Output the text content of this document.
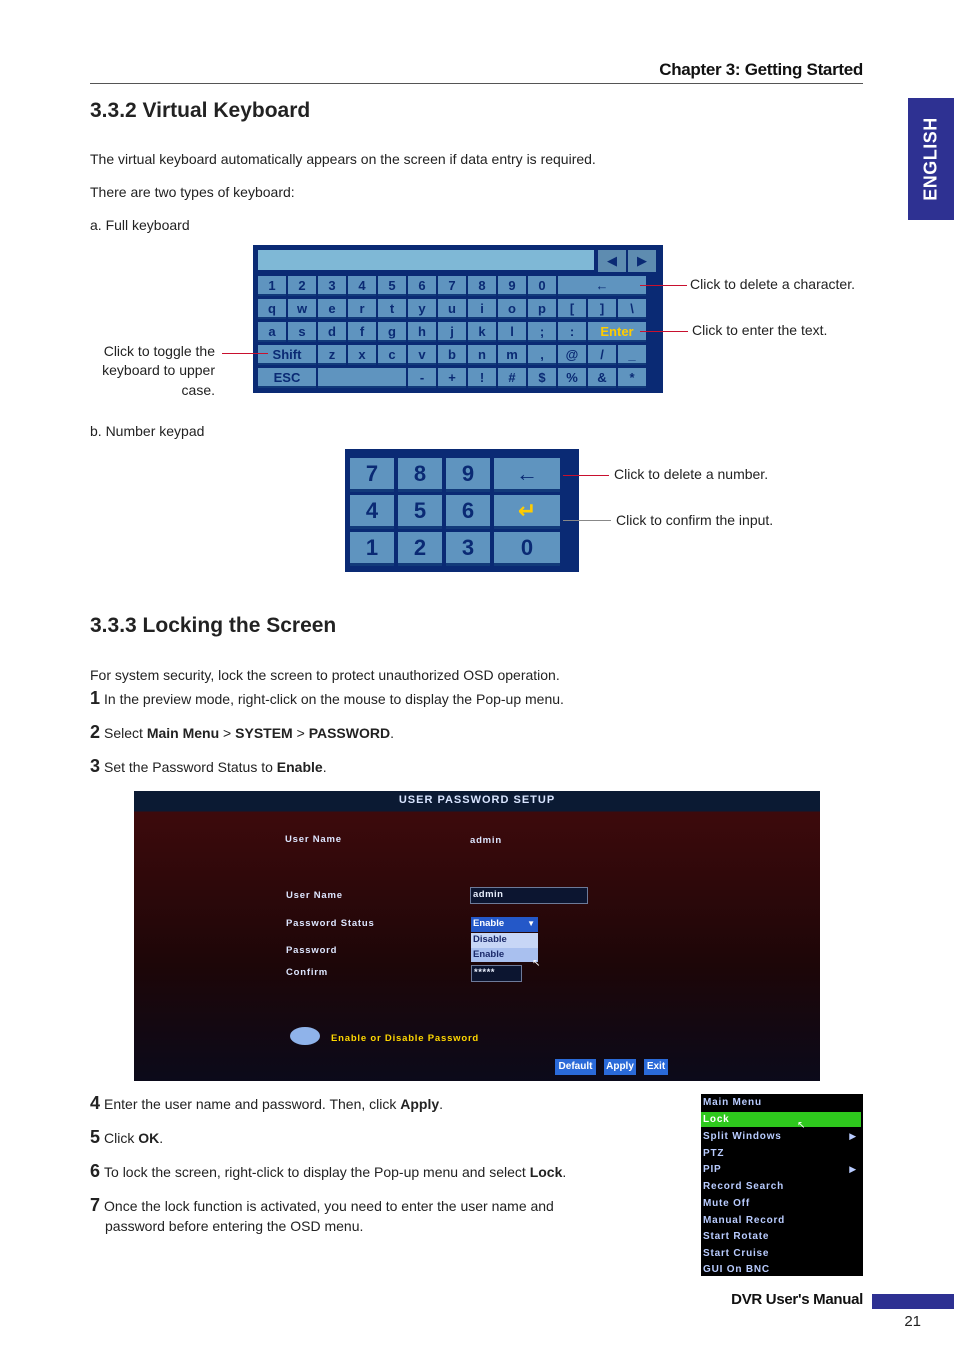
Chapter 3: Getting Started
ENGLISH
3.3.2 Virtual Keyboard
The virtual keyboard automatically appears on the screen if data entry is required.
There are two types of keyboard:
a. Full keyboard
◀	▶
1	2	3	4	5	6	7	8	9	0	←
q	w	e	r	t	y	u	i	o	p	[	]	\
a	s	d	f	g	h	j	k	l	;	:	Enter
Shift	z	x	c	v	b	n	m	,	@	/	_
ESC	-	+	!	#	$	%	&	*
Click to delete a character.
Click to enter the text.
Click to toggle the
keyboard to upper
case.
b. Number keypad
7	8	9	←
4	5	6	↵
1	2	3	0
Click to delete a number.
Click to confirm the input.
3.3.3 Locking the Screen
For system security, lock the screen to protect unauthorized OSD operation.
1 In the preview mode, right-click on the mouse to display the Pop-up menu.
2 Select Main Menu > SYSTEM > PASSWORD.
3 Set the Password Status to Enable.
USER PASSWORD SETUP
User Name	admin
User Name	admin
Password Status	Enable	▼
Disable
Enable
↖
Password
Confirm	*****
Enable or Disable Password
Default	Apply Exit
4 Enter the user name and password. Then, click Apply.
5 Click OK.
6 To lock the screen, right-click to display the Pop-up menu and select Lock.
7 Once the lock function is activated, you need to enter the user name and
password before entering the OSD menu.
Main Menu
Lock
↖
Split Windows	▶
PTZ
PIP	▶
Record Search
Mute Off
Manual Record
Start Rotate
Start Cruise
GUI On BNC
DVR User's Manual
21
